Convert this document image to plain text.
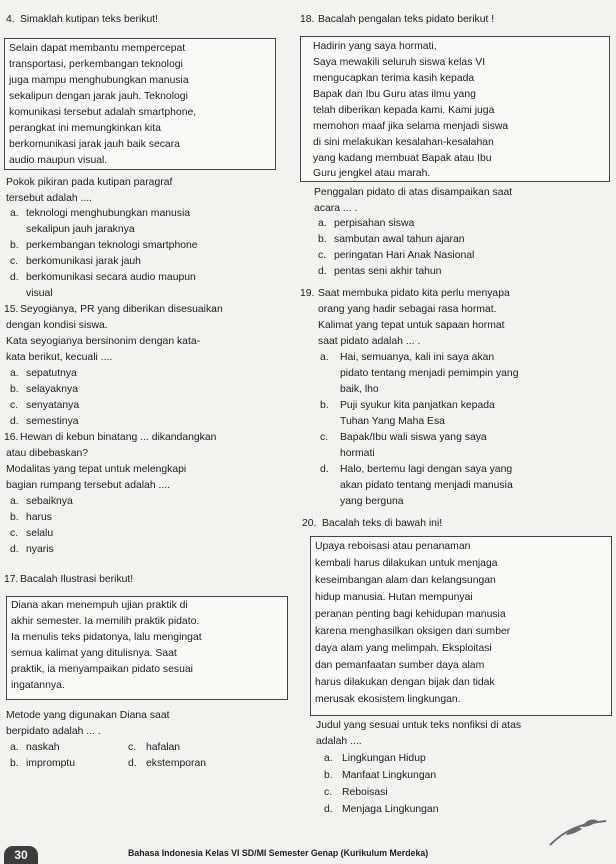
4. Simaklah kutipan teks berikut!
Selain dapat membantu mempercepat
transportasi, perkembangan teknologi
juga mampu menghubungkan manusia
sekalipun dengan jarak jauh. Teknologi
komunikasi tersebut adalah smartphone,
perangkat ini memungkinkan kita
berkomunikasi jarak jauh baik secara
audio maupun visual.
Pokok pikiran pada kutipan paragraf
tersebut adalah ....
a. teknologi menghubungkan manusia
sekalipun jauh jaraknya
b. perkembangan teknologi smartphone
c. berkomunikasi jarak jauh
d. berkomunikasi secara audio maupun
visual
15. Seyogianya, PR yang diberikan disesuaikan
dengan kondisi siswa.
Kata seyogianya bersinonim dengan kata-
kata berikut, kecuali ....
a. sepatutnya
b. selayaknya
c. senyatanya
d. semestinya
16. Hewan di kebun binatang ... dikandangkan
atau dibebaskan?
Modalitas yang tepat untuk melengkapi
bagian rumpang tersebut adalah ....
a. sebaiknya
b. harus
c. selalu
d. nyaris
17. Bacalah Ilustrasi berikut!
Diana akan menempuh ujian praktik di
akhir semester. Ia memilih praktik pidato.
Ia menulis teks pidatonya, lalu mengingat
semua kalimat yang ditulisnya. Saat
praktik, ia menyampaikan pidato sesuai
ingatannya.
Metode yang digunakan Diana saat
berpidato adalah ... .
a. naskah
b. impromptu
c. hafalan
d. ekstemporan
18. Bacalah pengalan teks pidato berikut !
Hadirin yang saya hormati,
Saya mewakili seluruh siswa kelas VI
mengucapkan terima kasih kepada
Bapak dan Ibu Guru atas ilmu yang
telah diberikan kepada kami. Kami juga
memohon maaf jika selama menjadi siswa
di sini melakukan kesalahan-kesalahan
yang kadang membuat Bapak atau Ibu
Guru jengkel atau marah.
Penggalan pidato di atas disampaikan saat
acara ... .
a. perpisahan siswa
b. sambutan awal tahun ajaran
c. peringatan Hari Anak Nasional
d. pentas seni akhir tahun
19. Saat membuka pidato kita perlu menyapa
orang yang hadir sebagai rasa hormat.
Kalimat yang tepat untuk sapaan hormat
saat pidato adalah ... .
a. Hai, semuanya, kali ini saya akan
pidato tentang menjadi pemimpin yang
baik, lho
b. Puji syukur kita panjatkan kepada
Tuhan Yang Maha Esa
c. Bapak/Ibu wali siswa yang saya
hormati
d. Halo, bertemu lagi dengan saya yang
akan pidato tentang menjadi manusia
yang berguna
20. Bacalah teks di bawah ini!
Upaya reboisasi atau penanaman
kembali harus dilakukan untuk menjaga
keseimbangan alam dan kelangsungan
hidup manusia. Hutan mempunyai
peranan penting bagi kehidupan manusia
karena menghasilkan oksigen dan sumber
daya alam yang melimpah. Eksploitasi
dan pemanfaatan sumber daya alam
harus dilakukan dengan bijak dan tidak
merusak ekosistem lingkungan.
Judul yang sesuai untuk teks nonfiksi di atas
adalah ....
a. Lingkungan Hidup
b. Manfaat Lingkungan
c. Reboisasi
d. Menjaga Lingkungan
30	Bahasa Indonesia Kelas VI SD/MI Semester Genap (Kurikulum Merdeka)
